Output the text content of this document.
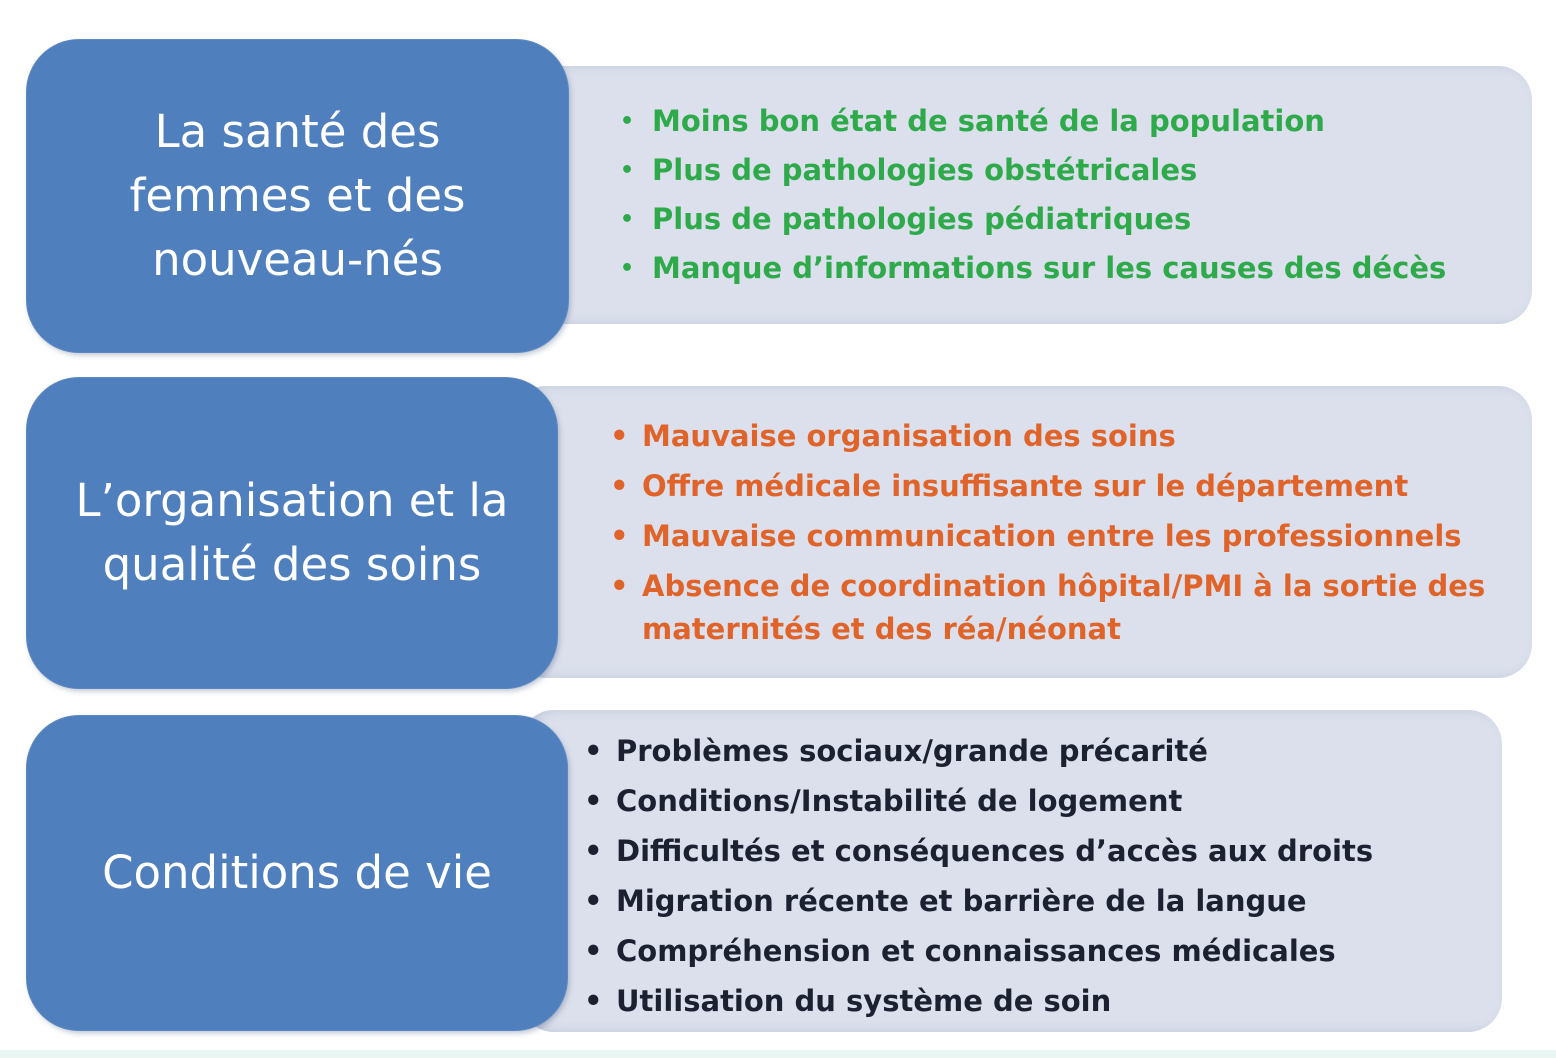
La santé des
femmes et des
nouveau-nés
• Moins bon état de santé de la population
• Plus de pathologies obstétricales
• Plus de pathologies pédiatriques
• Manque d’informations sur les causes des décès
L’organisation et la
qualité des soins
• Mauvaise organisation des soins
• Offre médicale insuffisante sur le département
• Mauvaise communication entre les professionnels
• Absence de coordination hôpital/PMI à la sortie des maternités et des réa/néonat
Conditions de vie
• Problèmes sociaux/grande précarité
• Conditions/Instabilité de logement
• Difficultés et conséquences d’accès aux droits
• Migration récente et barrière de la langue
• Compréhension et connaissances médicales
• Utilisation du système de soin
